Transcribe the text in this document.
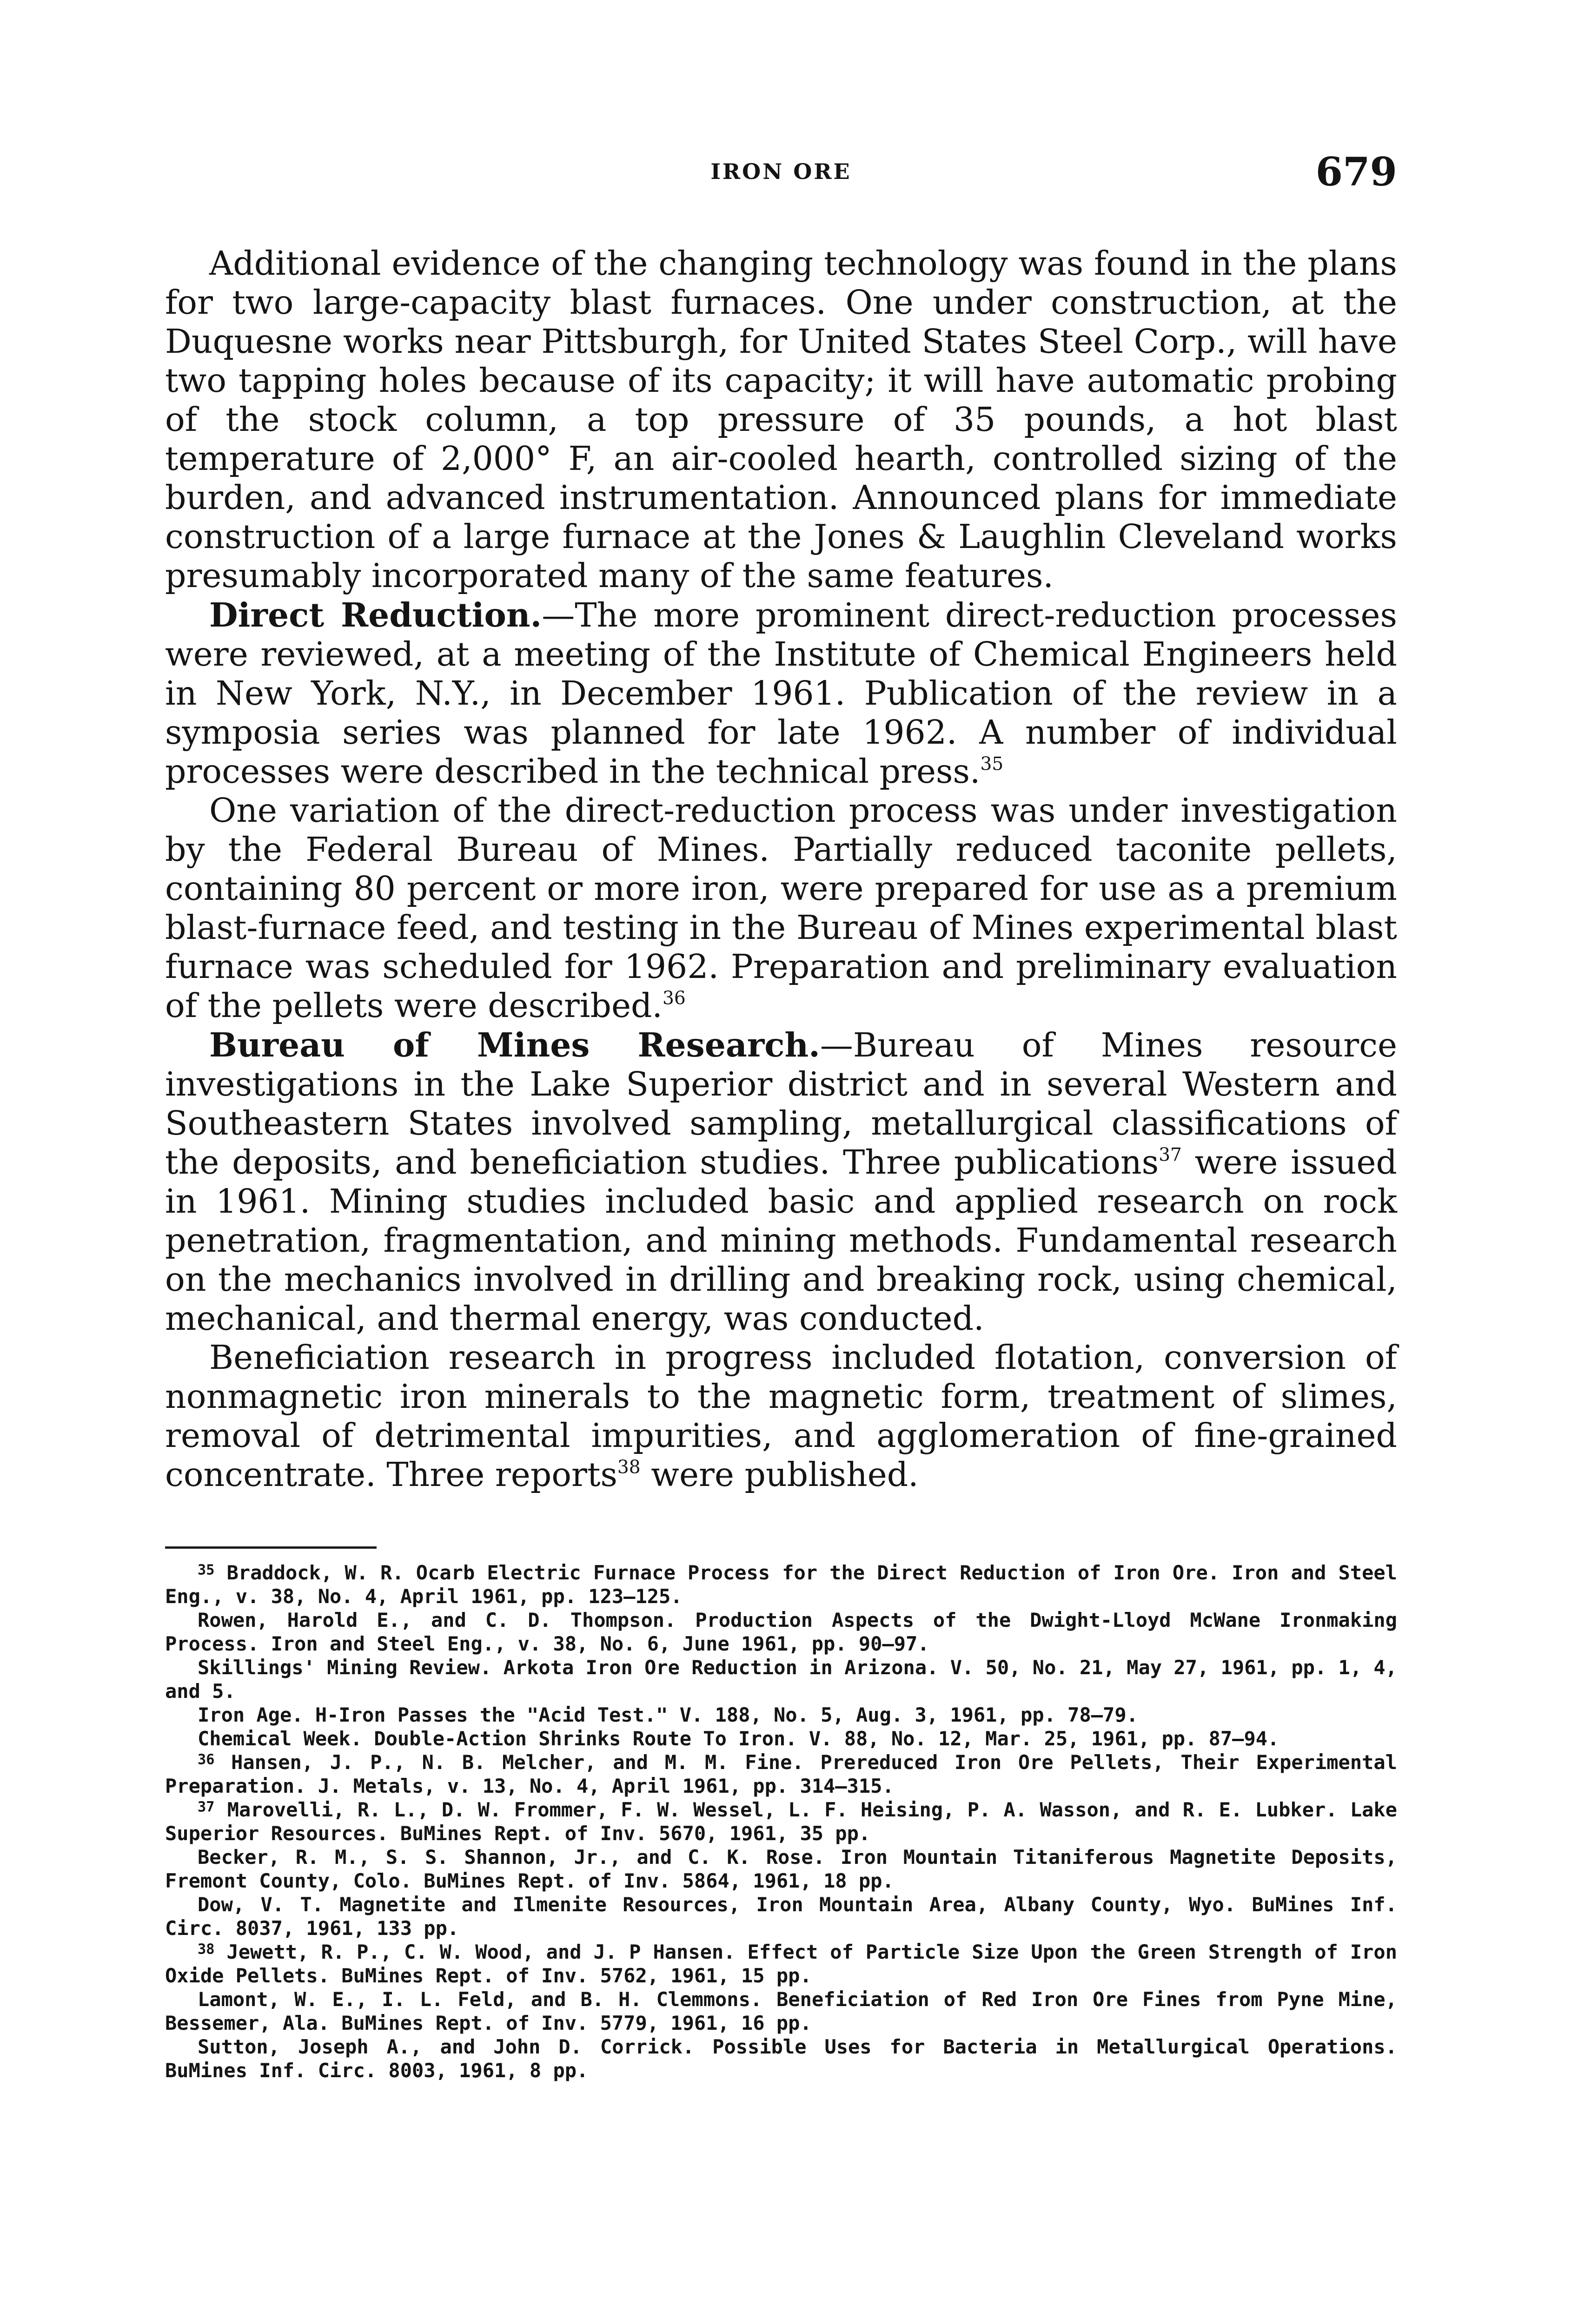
IRON ORE	679

Additional evidence of the changing technology was found in the plans for two large-capacity blast furnaces. One under construction, at the Duquesne works near Pittsburgh, for United States Steel Corp., will have two tapping holes because of its capacity; it will have automatic probing of the stock column, a top pressure of 35 pounds, a hot blast temperature of 2,000° F, an air-cooled hearth, controlled sizing of the burden, and advanced instrumentation. Announced plans for immediate construction of a large furnace at the Jones & Laughlin Cleveland works presumably incorporated many of the same features.

Direct Reduction.—The more prominent direct-reduction processes were reviewed, at a meeting of the Institute of Chemical Engineers held in New York, N.Y., in December 1961. Publication of the review in a symposia series was planned for late 1962. A number of individual processes were described in the technical press.$^{35}$

One variation of the direct-reduction process was under investigation by the Federal Bureau of Mines. Partially reduced taconite pellets, containing 80 percent or more iron, were prepared for use as a premium blast-furnace feed, and testing in the Bureau of Mines experimental blast furnace was scheduled for 1962. Preparation and preliminary evaluation of the pellets were described.$^{36}$

Bureau of Mines Research.—Bureau of Mines resource investigations in the Lake Superior district and in several Western and Southeastern States involved sampling, metallurgical classifications of the deposits, and beneficiation studies. Three publications$^{37}$ were issued in 1961. Mining studies included basic and applied research on rock penetration, fragmentation, and mining methods. Fundamental research on the mechanics involved in drilling and breaking rock, using chemical, mechanical, and thermal energy, was conducted.

Beneficiation research in progress included flotation, conversion of nonmagnetic iron minerals to the magnetic form, treatment of slimes, removal of detrimental impurities, and agglomeration of fine-grained concentrate. Three reports$^{38}$ were published.

$^{35}$ Braddock, W. R. Ocarb Electric Furnace Process for the Direct Reduction of Iron Ore. Iron and Steel Eng., v. 38, No. 4, April 1961, pp. 123–125.

Rowen, Harold E., and C. D. Thompson. Production Aspects of the Dwight-Lloyd McWane Ironmaking Process. Iron and Steel Eng., v. 38, No. 6, June 1961, pp. 90–97.

Skillings' Mining Review. Arkota Iron Ore Reduction in Arizona. V. 50, No. 21, May 27, 1961, pp. 1, 4, and 5.

Iron Age. H-Iron Passes the "Acid Test." V. 188, No. 5, Aug. 3, 1961, pp. 78–79.

Chemical Week. Double-Action Shrinks Route To Iron. V. 88, No. 12, Mar. 25, 1961, pp. 87–94.

$^{36}$ Hansen, J. P., N. B. Melcher, and M. M. Fine. Prereduced Iron Ore Pellets, Their Experimental Preparation. J. Metals, v. 13, No. 4, April 1961, pp. 314–315.

$^{37}$ Marovelli, R. L., D. W. Frommer, F. W. Wessel, L. F. Heising, P. A. Wasson, and R. E. Lubker. Lake Superior Resources. BuMines Rept. of Inv. 5670, 1961, 35 pp.

Becker, R. M., S. S. Shannon, Jr., and C. K. Rose. Iron Mountain Titaniferous Magnetite Deposits, Fremont County, Colo. BuMines Rept. of Inv. 5864, 1961, 18 pp.

Dow, V. T. Magnetite and Ilmenite Resources, Iron Mountain Area, Albany County, Wyo. BuMines Inf. Circ. 8037, 1961, 133 pp.

$^{38}$ Jewett, R. P., C. W. Wood, and J. P Hansen. Effect of Particle Size Upon the Green Strength of Iron Oxide Pellets. BuMines Rept. of Inv. 5762, 1961, 15 pp.

Lamont, W. E., I. L. Feld, and B. H. Clemmons. Beneficiation of Red Iron Ore Fines from Pyne Mine, Bessemer, Ala. BuMines Rept. of Inv. 5779, 1961, 16 pp.

Sutton, Joseph A., and John D. Corrick. Possible Uses for Bacteria in Metallurgical Operations. BuMines Inf. Circ. 8003, 1961, 8 pp.
